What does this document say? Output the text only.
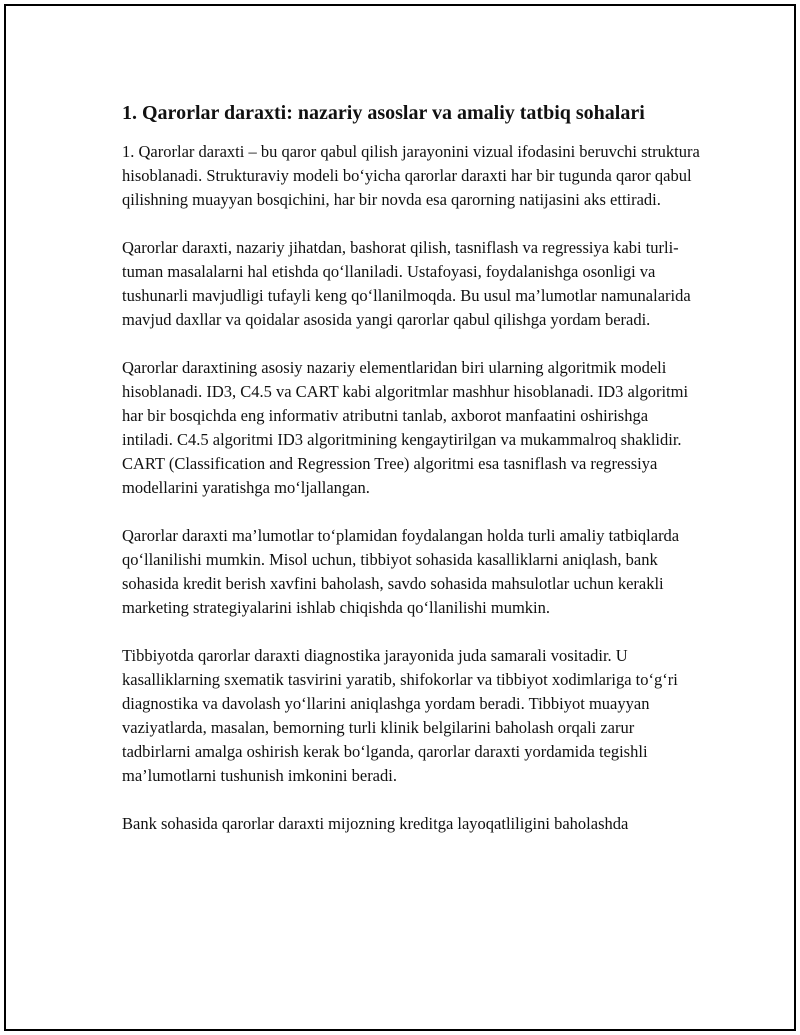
1. Qarorlar daraxti: nazariy asoslar va amaliy tatbiq sohalari

1. Qarorlar daraxti – bu qaror qabul qilish jarayonini vizual ifodasini beruvchi struktura hisoblanadi. Strukturaviy modeli bo‘yicha qarorlar daraxti har bir tugunda qaror qabul qilishning muayyan bosqichini, har bir novda esa qarorning natijasini aks ettiradi.

Qarorlar daraxti, nazariy jihatdan, bashorat qilish, tasniflash va regressiya kabi turli-tuman masalalarni hal etishda qo‘llaniladi. Ustafoyasi, foydalanishga osonligi va tushunarli mavjudligi tufayli keng qo‘llanilmoqda. Bu usul ma’lumotlar namunalarida mavjud daxllar va qoidalar asosida yangi qarorlar qabul qilishga yordam beradi.

Qarorlar daraxtining asosiy nazariy elementlaridan biri ularning algoritmik modeli hisoblanadi. ID3, C4.5 va CART kabi algoritmlar mashhur hisoblanadi. ID3 algoritmi har bir bosqichda eng informativ atributni tanlab, axborot manfaatini oshirishga intiladi. C4.5 algoritmi ID3 algoritmining kengaytirilgan va mukammalroq shaklidir. CART (Classification and Regression Tree) algoritmi esa tasniflash va regressiya modellarini yaratishga mo‘ljallangan.

Qarorlar daraxti ma’lumotlar to‘plamidan foydalangan holda turli amaliy tatbiqlarda qo‘llanilishi mumkin. Misol uchun, tibbiyot sohasida kasalliklarni aniqlash, bank sohasida kredit berish xavfini baholash, savdo sohasida mahsulotlar uchun kerakli marketing strategiyalarini ishlab chiqishda qo‘llanilishi mumkin.

Tibbiyotda qarorlar daraxti diagnostika jarayonida juda samarali vositadir. U kasalliklarning sxematik tasvirini yaratib, shifokorlar va tibbiyot xodimlariga to‘g‘ri diagnostika va davolash yo‘llarini aniqlashga yordam beradi. Tibbiyot muayyan vaziyatlarda, masalan, bemorning turli klinik belgilarini baholash orqali zarur tadbirlarni amalga oshirish kerak bo‘lganda, qarorlar daraxti yordamida tegishli ma’lumotlarni tushunish imkonini beradi.

Bank sohasida qarorlar daraxti mijozning kreditga layoqatliligini baholashda
